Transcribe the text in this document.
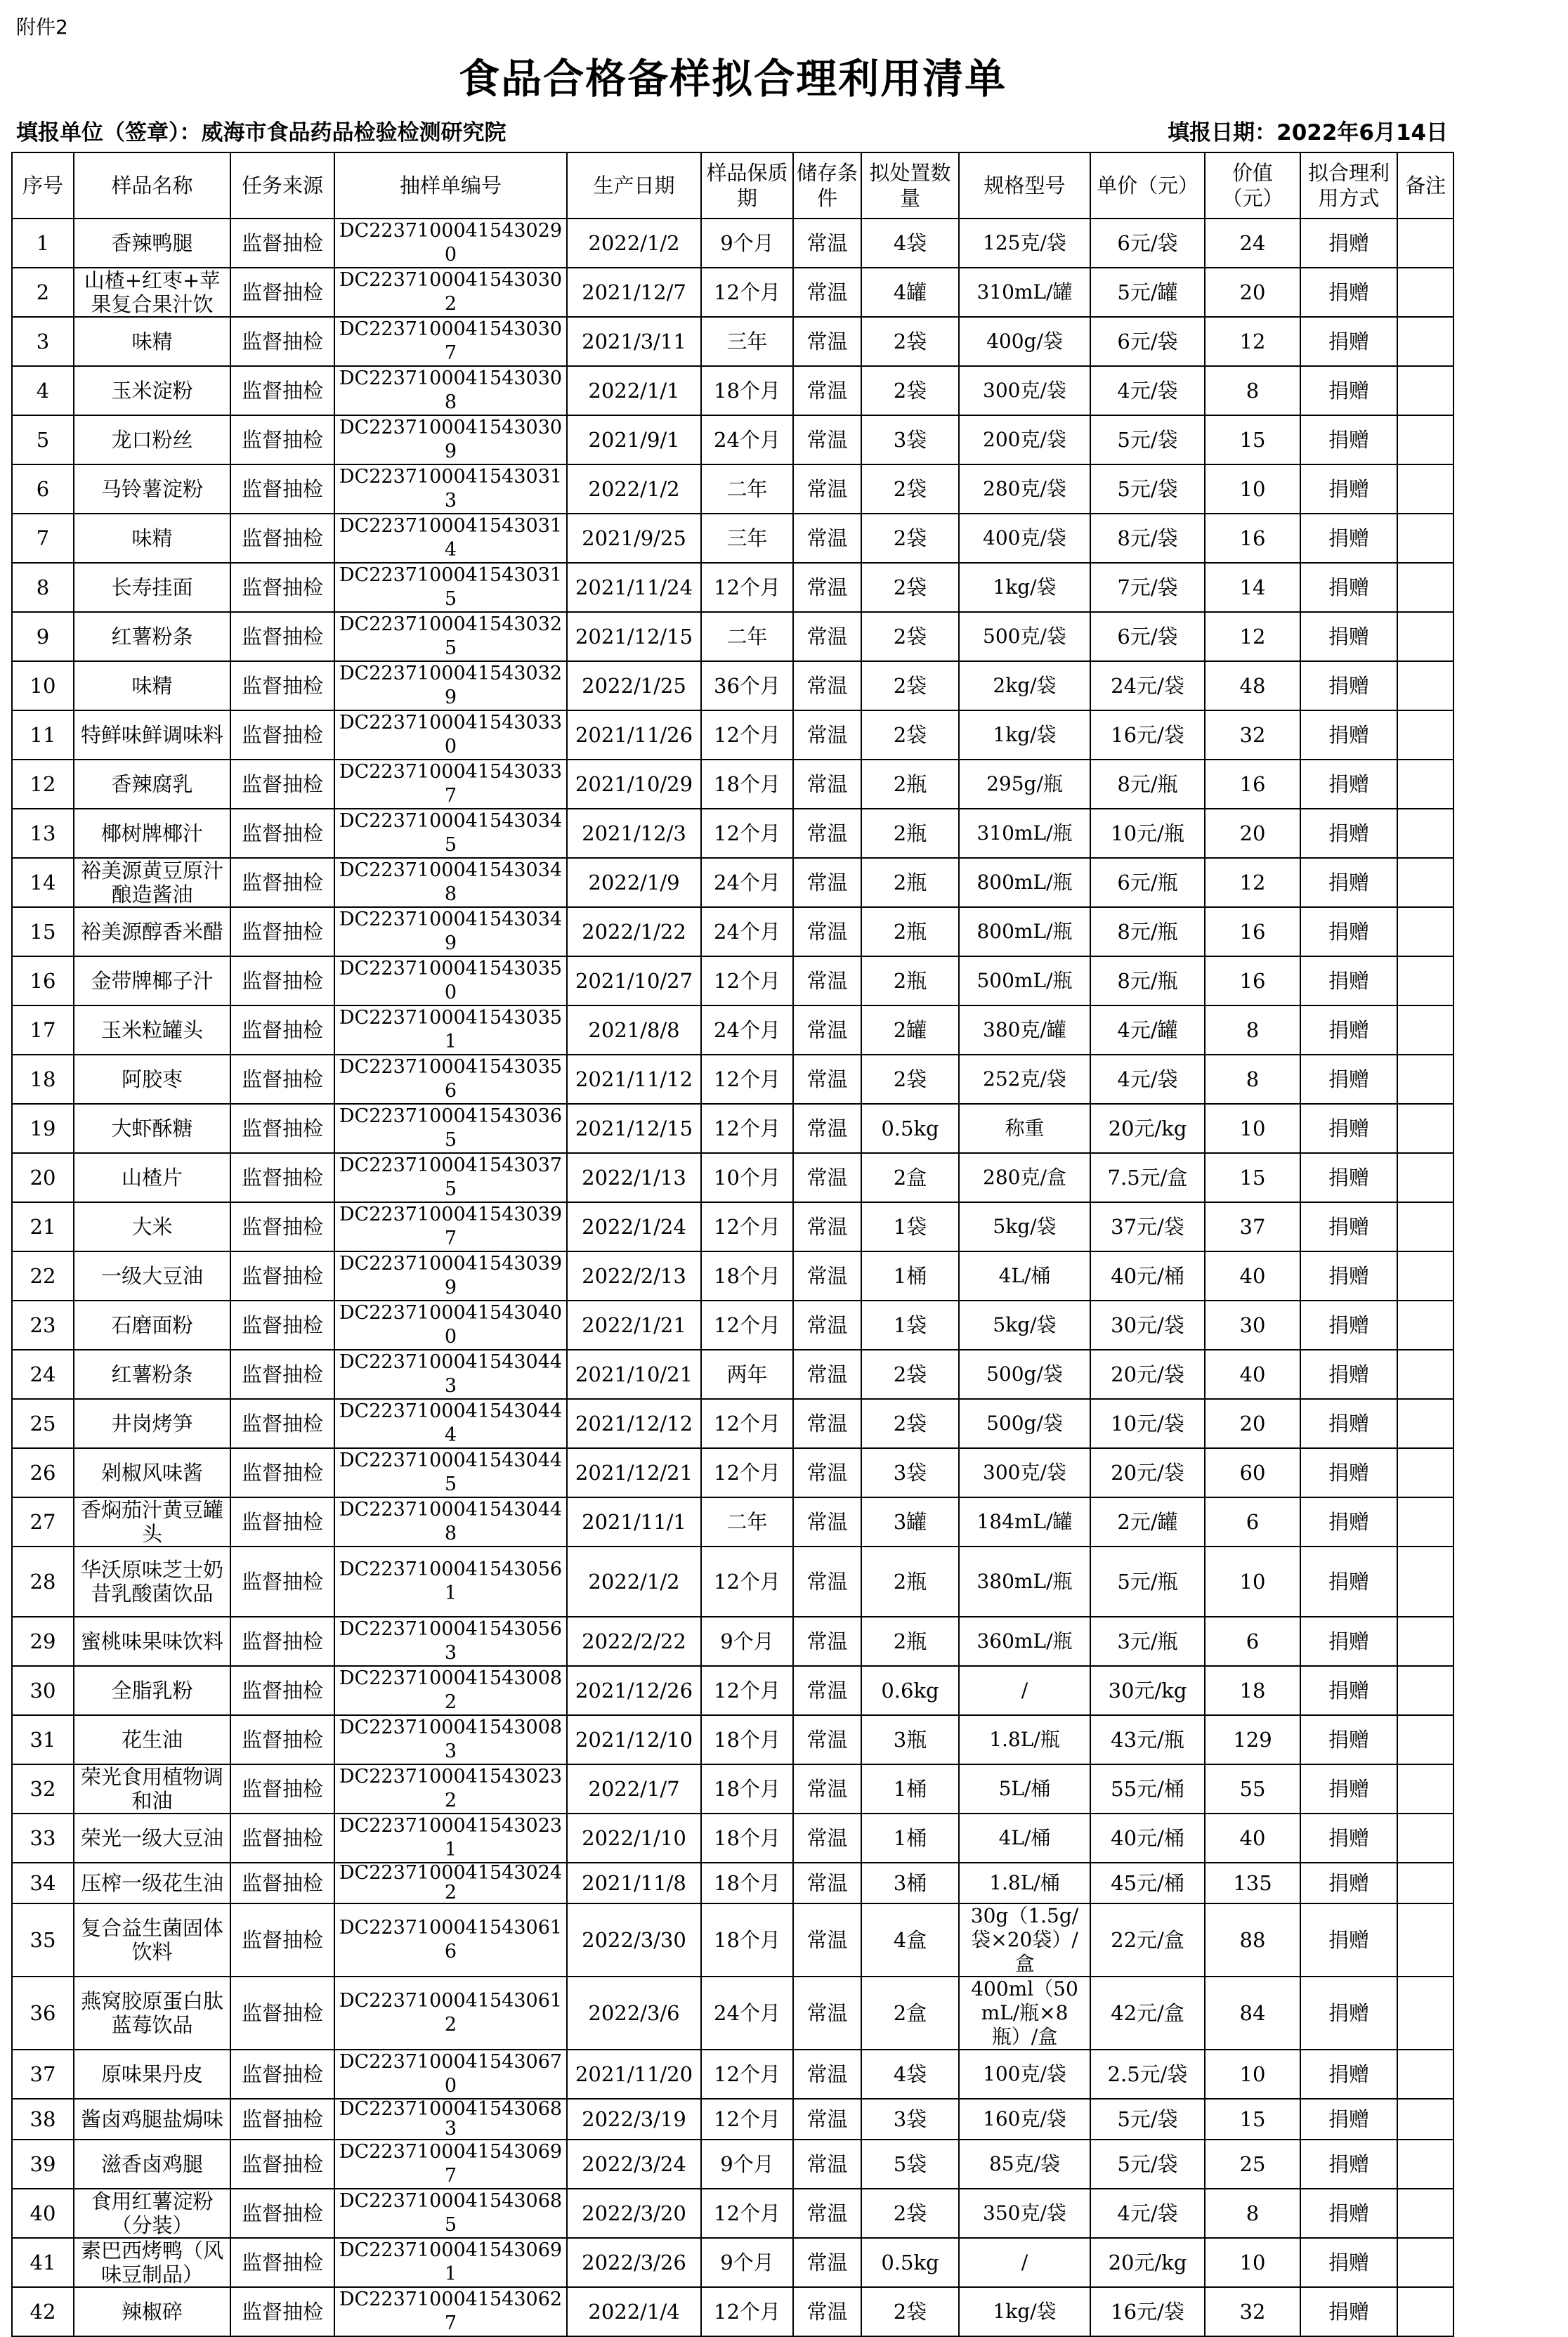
附件2												
食品合格备样拟合理利用清单												
填报单位（签章）：威海市食品药品检验检测研究院									填报日期：2022年6月14日			
序号	样品名称	任务来源	抽样单编号	生产日期	样品保质期	储存条件	拟处置数量	规格型号	单价（元）	价值（元）	拟合理利用方式	备注
1	香辣鸭腿	监督抽检	DC22371000415430290	2022/1/2	9个月	常温	4袋	125克/袋	6元/袋	24	捐赠	
2	山楂+红枣+苹果复合果汁饮	监督抽检	DC22371000415430302	2021/12/7	12个月	常温	4罐	310mL/罐	5元/罐	20	捐赠	
3	味精	监督抽检	DC22371000415430307	2021/3/11	三年	常温	2袋	400g/袋	6元/袋	12	捐赠	
4	玉米淀粉	监督抽检	DC22371000415430308	2022/1/1	18个月	常温	2袋	300克/袋	4元/袋	8	捐赠	
5	龙口粉丝	监督抽检	DC22371000415430309	2021/9/1	24个月	常温	3袋	200克/袋	5元/袋	15	捐赠	
6	马铃薯淀粉	监督抽检	DC22371000415430313	2022/1/2	二年	常温	2袋	280克/袋	5元/袋	10	捐赠	
7	味精	监督抽检	DC22371000415430314	2021/9/25	三年	常温	2袋	400克/袋	8元/袋	16	捐赠	
8	长寿挂面	监督抽检	DC22371000415430315	2021/11/24	12个月	常温	2袋	1kg/袋	7元/袋	14	捐赠	
9	红薯粉条	监督抽检	DC22371000415430325	2021/12/15	二年	常温	2袋	500克/袋	6元/袋	12	捐赠	
10	味精	监督抽检	DC22371000415430329	2022/1/25	36个月	常温	2袋	2kg/袋	24元/袋	48	捐赠	
11	特鲜味鲜调味料	监督抽检	DC22371000415430330	2021/11/26	12个月	常温	2袋	1kg/袋	16元/袋	32	捐赠	
12	香辣腐乳	监督抽检	DC22371000415430337	2021/10/29	18个月	常温	2瓶	295g/瓶	8元/瓶	16	捐赠	
13	椰树牌椰汁	监督抽检	DC22371000415430345	2021/12/3	12个月	常温	2瓶	310mL/瓶	10元/瓶	20	捐赠	
14	裕美源黄豆原汁酿造酱油	监督抽检	DC22371000415430348	2022/1/9	24个月	常温	2瓶	800mL/瓶	6元/瓶	12	捐赠	
15	裕美源醇香米醋	监督抽检	DC22371000415430349	2022/1/22	24个月	常温	2瓶	800mL/瓶	8元/瓶	16	捐赠	
16	金带牌椰子汁	监督抽检	DC22371000415430350	2021/10/27	12个月	常温	2瓶	500mL/瓶	8元/瓶	16	捐赠	
17	玉米粒罐头	监督抽检	DC22371000415430351	2021/8/8	24个月	常温	2罐	380克/罐	4元/罐	8	捐赠	
18	阿胶枣	监督抽检	DC22371000415430356	2021/11/12	12个月	常温	2袋	252克/袋	4元/袋	8	捐赠	
19	大虾酥糖	监督抽检	DC22371000415430365	2021/12/15	12个月	常温	0.5kg	称重	20元/kg	10	捐赠	
20	山楂片	监督抽检	DC22371000415430375	2022/1/13	10个月	常温	2盒	280克/盒	7.5元/盒	15	捐赠	
21	大米	监督抽检	DC22371000415430397	2022/1/24	12个月	常温	1袋	5kg/袋	37元/袋	37	捐赠	
22	一级大豆油	监督抽检	DC22371000415430399	2022/2/13	18个月	常温	1桶	4L/桶	40元/桶	40	捐赠	
23	石磨面粉	监督抽检	DC22371000415430400	2022/1/21	12个月	常温	1袋	5kg/袋	30元/袋	30	捐赠	
24	红薯粉条	监督抽检	DC22371000415430443	2021/10/21	两年	常温	2袋	500g/袋	20元/袋	40	捐赠	
25	井岗烤笋	监督抽检	DC22371000415430444	2021/12/12	12个月	常温	2袋	500g/袋	10元/袋	20	捐赠	
26	剁椒风味酱	监督抽检	DC22371000415430445	2021/12/21	12个月	常温	3袋	300克/袋	20元/袋	60	捐赠	
27	香焖茄汁黄豆罐头	监督抽检	DC22371000415430448	2021/11/1	二年	常温	3罐	184mL/罐	2元/罐	6	捐赠	
28	华沃原味芝士奶昔乳酸菌饮品	监督抽检	DC22371000415430561	2022/1/2	12个月	常温	2瓶	380mL/瓶	5元/瓶	10	捐赠	
29	蜜桃味果味饮料	监督抽检	DC22371000415430563	2022/2/22	9个月	常温	2瓶	360mL/瓶	3元/瓶	6	捐赠	
30	全脂乳粉	监督抽检	DC22371000415430082	2021/12/26	12个月	常温	0.6kg	/	30元/kg	18	捐赠	
31	花生油	监督抽检	DC22371000415430083	2021/12/10	18个月	常温	3瓶	1.8L/瓶	43元/瓶	129	捐赠	
32	荣光食用植物调和油	监督抽检	DC22371000415430232	2022/1/7	18个月	常温	1桶	5L/桶	55元/桶	55	捐赠	
33	荣光一级大豆油	监督抽检	DC22371000415430231	2022/1/10	18个月	常温	1桶	4L/桶	40元/桶	40	捐赠	
34	压榨一级花生油	监督抽检	DC22371000415430242	2021/11/8	18个月	常温	3桶	1.8L/桶	45元/桶	135	捐赠	
35	复合益生菌固体饮料	监督抽检	DC22371000415430616	2022/3/30	18个月	常温	4盒	30g（1.5g/袋×20袋）/盒	22元/盒	88	捐赠	
36	燕窝胶原蛋白肽蓝莓饮品	监督抽检	DC22371000415430612	2022/3/6	24个月	常温	2盒	400ml（50mL/瓶×8瓶）/盒	42元/盒	84	捐赠	
37	原味果丹皮	监督抽检	DC22371000415430670	2021/11/20	12个月	常温	4袋	100克/袋	2.5元/袋	10	捐赠	
38	酱卤鸡腿盐焗味	监督抽检	DC22371000415430683	2022/3/19	12个月	常温	3袋	160克/袋	5元/袋	15	捐赠	
39	滋香卤鸡腿	监督抽检	DC22371000415430697	2022/3/24	9个月	常温	5袋	85克/袋	5元/袋	25	捐赠	
40	食用红薯淀粉（分装）	监督抽检	DC22371000415430685	2022/3/20	12个月	常温	2袋	350克/袋	4元/袋	8	捐赠	
41	素巴西烤鸭（风味豆制品）	监督抽检	DC22371000415430691	2022/3/26	9个月	常温	0.5kg	/	20元/kg	10	捐赠	
42	辣椒碎	监督抽检	DC22371000415430627	2022/1/4	12个月	常温	2袋	1kg/袋	16元/袋	32	捐赠	
